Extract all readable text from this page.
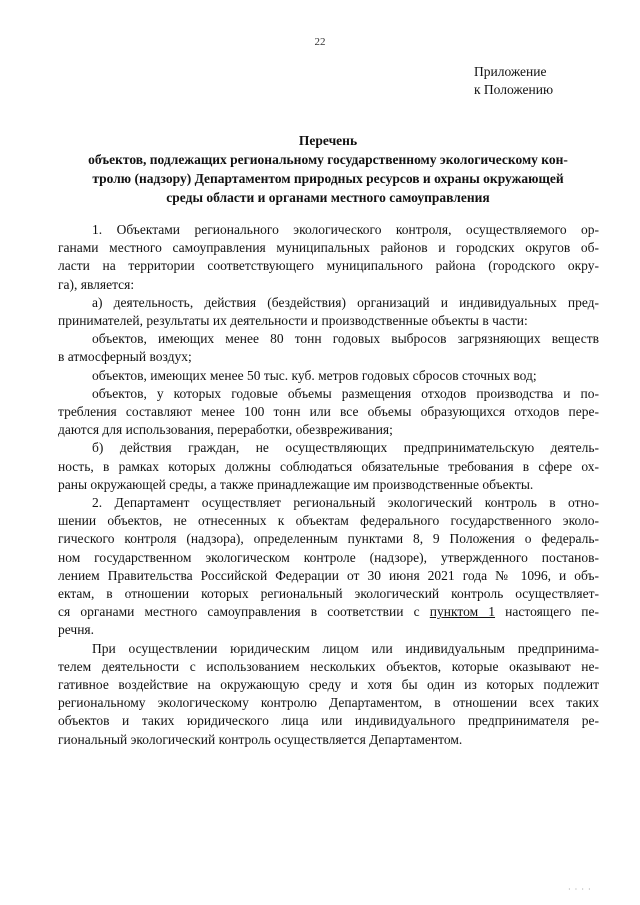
22
Приложение
к Положению
Перечень
объектов, подлежащих региональному государственному экологическому кон-
тролю (надзору) Департаментом природных ресурсов и охраны окружающей
среды области и органами местного самоуправления
1. Объектами регионального экологического контроля, осуществляемого ор-
ганами местного самоуправления муниципальных районов и городских округов об-
ласти на территории соответствующего муниципального района (городского окру-
га), является:
а) деятельность, действия (бездействия) организаций и индивидуальных пред-
принимателей, результаты их деятельности и производственные объекты в части:
объектов, имеющих менее 80 тонн годовых выбросов загрязняющих веществ
в атмосферный воздух;
объектов, имеющих менее 50 тыс. куб. метров годовых сбросов сточных вод;
объектов, у которых годовые объемы размещения отходов производства и по-
требления составляют менее 100 тонн или все объемы образующихся отходов пере-
даются для использования, переработки, обезвреживания;
б) действия граждан, не осуществляющих предпринимательскую деятель-
ность, в рамках которых должны соблюдаться обязательные требования в сфере ох-
раны окружающей среды, а также принадлежащие им производственные объекты.
2. Департамент осуществляет региональный экологический контроль в отно-
шении объектов, не отнесенных к объектам федерального государственного эколо-
гического контроля (надзора), определенным пунктами 8, 9 Положения о федераль-
ном государственном экологическом контроле (надзоре), утвержденного постанов-
лением Правительства Российской Федерации от 30 июня 2021 года № 1096, и объ-
ектам, в отношении которых региональный экологический контроль осуществляет-
ся органами местного самоуправления в соответствии с пунктом 1 настоящего пе-
речня.
При осуществлении юридическим лицом или индивидуальным предпринима-
телем деятельности с использованием нескольких объектов, которые оказывают не-
гативное воздействие на окружающую среду и хотя бы один из которых подлежит
региональному экологическому контролю Департаментом, в отношении всех таких
объектов и таких юридического лица или индивидуального предпринимателя ре-
гиональный экологический контроль осуществляется Департаментом.
· · · ·
